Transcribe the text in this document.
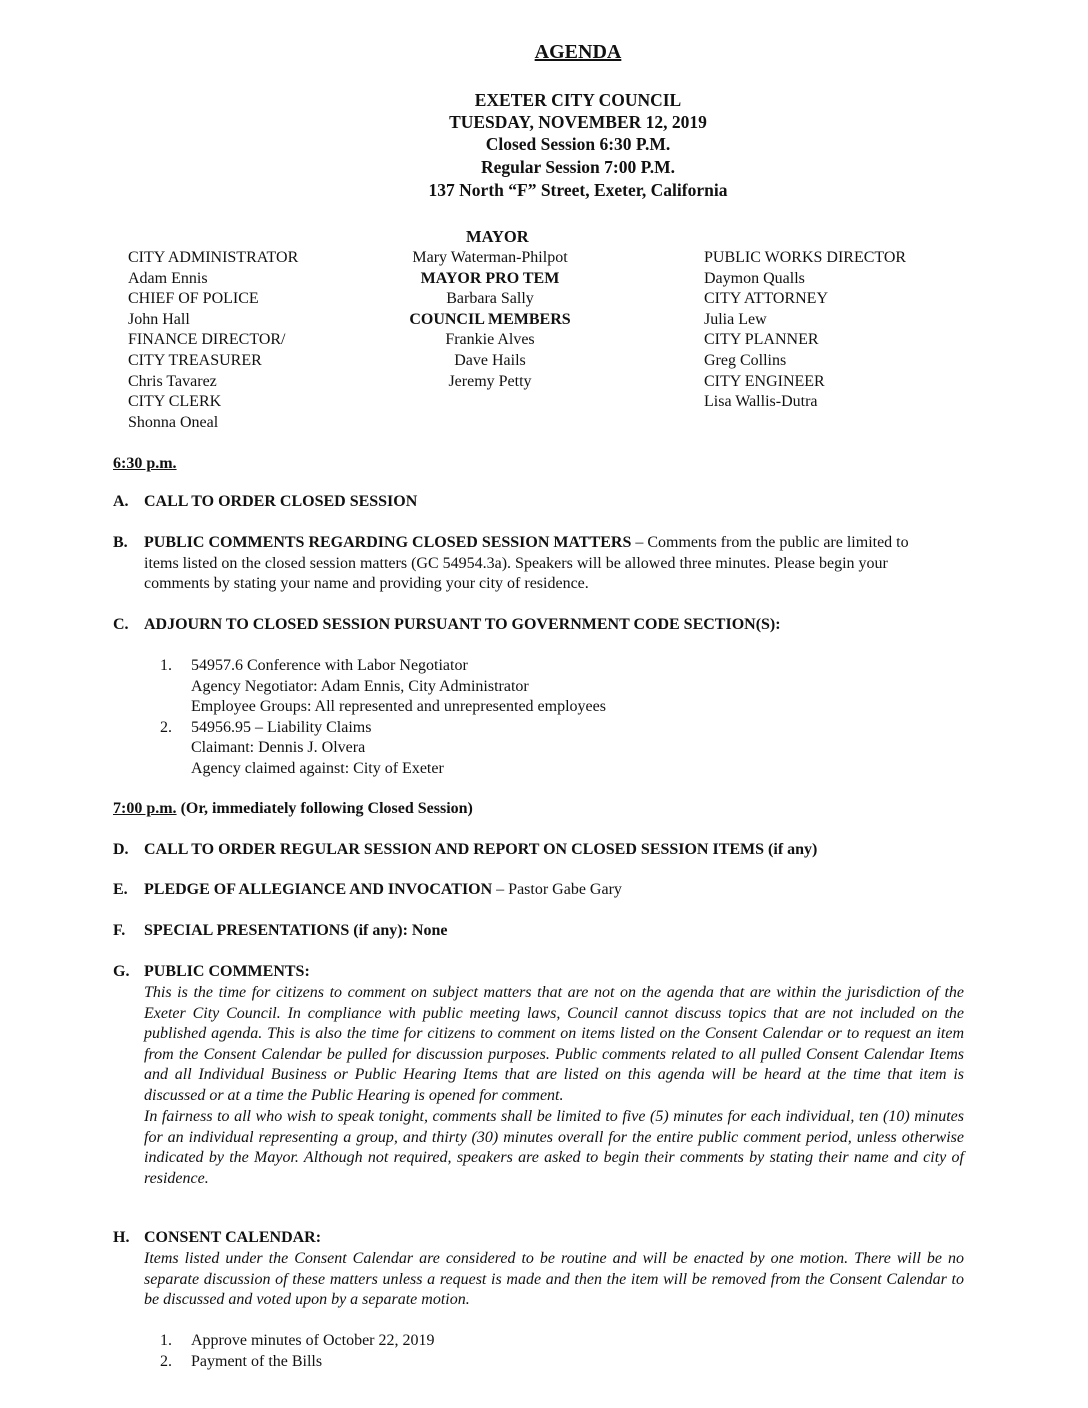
AGENDA
EXETER CITY COUNCIL
TUESDAY, NOVEMBER 12, 2019
Closed Session 6:30 P.M.
Regular Session 7:00 P.M.
137 North “F” Street, Exeter, California
MAYOR
CITY ADMINISTRATOR
Adam Ennis
CHIEF OF POLICE
John Hall
FINANCE DIRECTOR/
CITY TREASURER
Chris Tavarez
CITY CLERK
Shonna Oneal
Mary Waterman-Philpot
MAYOR PRO TEM
Barbara Sally
COUNCIL MEMBERS
Frankie Alves
Dave Hails
Jeremy Petty
PUBLIC WORKS DIRECTOR
Daymon Qualls
CITY ATTORNEY
Julia Lew
CITY PLANNER
Greg Collins
CITY ENGINEER
Lisa Wallis-Dutra
6:30 p.m.
A. CALL TO ORDER CLOSED SESSION
B. PUBLIC COMMENTS REGARDING CLOSED SESSION MATTERS – Comments from the public are limited to items listed on the closed session matters (GC 54954.3a). Speakers will be allowed three minutes. Please begin your comments by stating your name and providing your city of residence.
C. ADJOURN TO CLOSED SESSION PURSUANT TO GOVERNMENT CODE SECTION(S):
1. 54957.6 Conference with Labor Negotiator
Agency Negotiator: Adam Ennis, City Administrator
Employee Groups: All represented and unrepresented employees
2. 54956.95 – Liability Claims
Claimant: Dennis J. Olvera
Agency claimed against: City of Exeter
7:00 p.m. (Or, immediately following Closed Session)
D. CALL TO ORDER REGULAR SESSION AND REPORT ON CLOSED SESSION ITEMS (if any)
E. PLEDGE OF ALLEGIANCE AND INVOCATION – Pastor Gabe Gary
F. SPECIAL PRESENTATIONS (if any): None
G. PUBLIC COMMENTS:
This is the time for citizens to comment on subject matters that are not on the agenda that are within the jurisdiction of the Exeter City Council. In compliance with public meeting laws, Council cannot discuss topics that are not included on the published agenda. This is also the time for citizens to comment on items listed on the Consent Calendar or to request an item from the Consent Calendar be pulled for discussion purposes. Public comments related to all pulled Consent Calendar Items and all Individual Business or Public Hearing Items that are listed on this agenda will be heard at the time that item is discussed or at a time the Public Hearing is opened for comment.
In fairness to all who wish to speak tonight, comments shall be limited to five (5) minutes for each individual, ten (10) minutes for an individual representing a group, and thirty (30) minutes overall for the entire public comment period, unless otherwise indicated by the Mayor. Although not required, speakers are asked to begin their comments by stating their name and city of residence.
H. CONSENT CALENDAR:
Items listed under the Consent Calendar are considered to be routine and will be enacted by one motion. There will be no separate discussion of these matters unless a request is made and then the item will be removed from the Consent Calendar to be discussed and voted upon by a separate motion.
1. Approve minutes of October 22, 2019
2. Payment of the Bills
